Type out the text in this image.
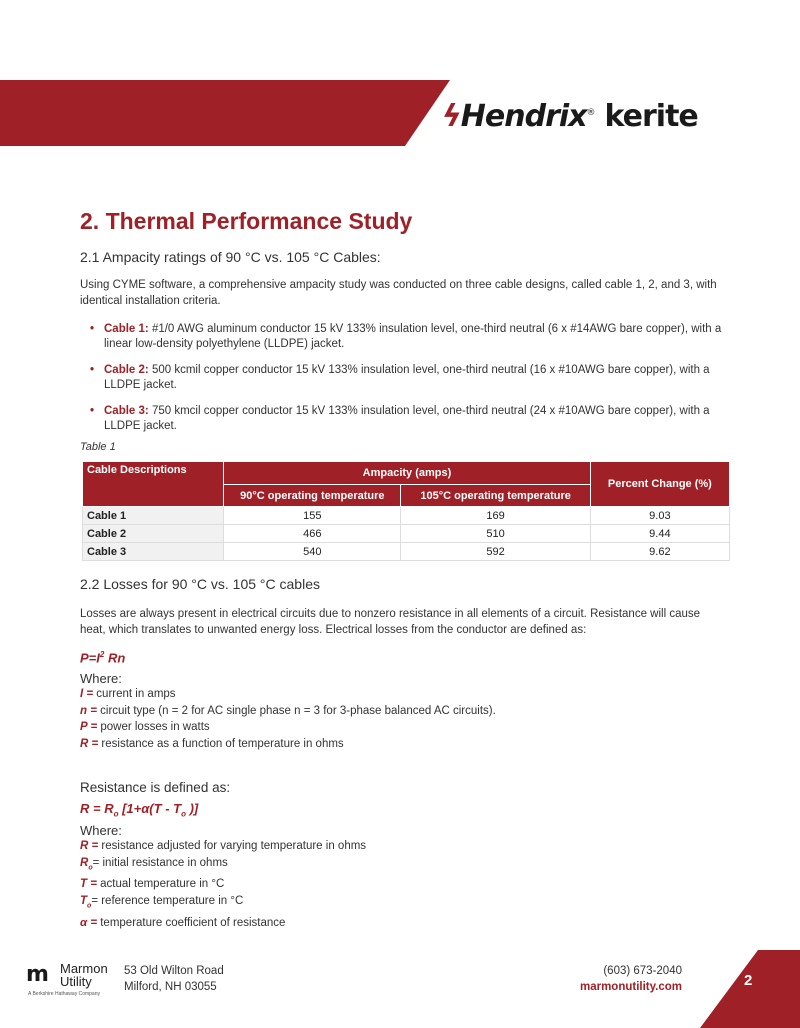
ϟHendrix® kerite
2. Thermal Performance Study

2.1 Ampacity ratings of 90 °C vs. 105 °C Cables:

Using CYME software, a comprehensive ampacity study was conducted on three cable designs, called cable 1, 2, and 3, with identical installation criteria.

• Cable 1: #1/0 AWG aluminum conductor 15 kV 133% insulation level, one-third neutral (6 x #14AWG bare copper), with a linear low-density polyethylene (LLDPE) jacket.
• Cable 2: 500 kcmil copper conductor 15 kV 133% insulation level, one-third neutral (16 x #10AWG bare copper), with a LLDPE jacket.
• Cable 3: 750 kmcil copper conductor 15 kV 133% insulation level, one-third neutral (24 x #10AWG bare copper), with a LLDPE jacket.
Table 1
Cable Descriptions	Ampacity (amps)		Percent Change (%)
	90°C operating temperature	105°C operating temperature	
Cable 1	155	169	9.03
Cable 2	466	510	9.44
Cable 3	540	592	9.62

2.2 Losses for 90 °C vs. 105 °C cables

Losses are always present in electrical circuits due to nonzero resistance in all elements of a circuit. Resistance will cause heat, which translates to unwanted energy loss. Electrical losses from the conductor are defined as:

$P=I^2$ Rn
Where:
I = current in amps
n = circuit type (n = 2 for AC single phase n = 3 for 3-phase balanced AC circuits).
P = power losses in watts
R = resistance as a function of temperature in ohms
Resistance is defined as:
$R = R_o$ [$1+\alpha(T - T_o$ )]
Where:
R = resistance adjusted for varying temperature in ohms
$R_o=$ initial resistance in ohms
T = actual temperature in °C
$T_o=$ reference temperature in °C
α = temperature coefficient of resistance
m Marmon
Utility
A Berkshire Hathaway Company
53 Old Wilton Road
Milford, NH 03055
(603) 673-2040
marmonutility.com	2
